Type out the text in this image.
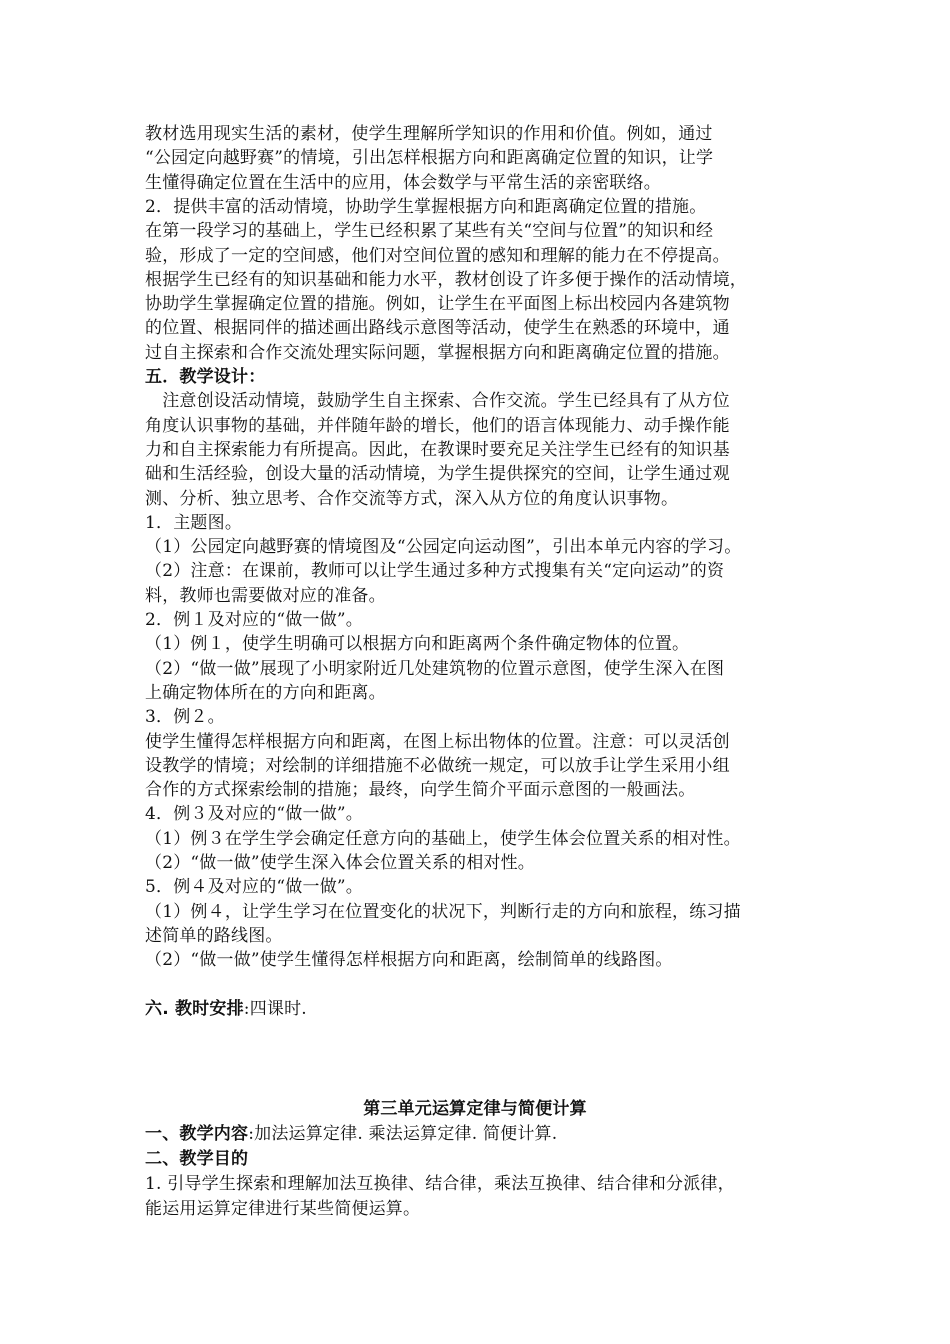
教材选用现实生活的素材，使学生理解所学知识的作用和价值。例如，通过
“公园定向越野赛”的情境，引出怎样根据方向和距离确定位置的知识，让学
生懂得确定位置在生活中的应用，体会数学与平常生活的亲密联络。
2．提供丰富的活动情境，协助学生掌握根据方向和距离确定位置的措施。
在第一段学习的基础上，学生已经积累了某些有关“空间与位置”的知识和经
验，形成了一定的空间感，他们对空间位置的感知和理解的能力在不停提高。
根据学生已经有的知识基础和能力水平，教材创设了许多便于操作的活动情境，
协助学生掌握确定位置的措施。例如，让学生在平面图上标出校园内各建筑物
的位置、根据同伴的描述画出路线示意图等活动，使学生在熟悉的环境中，通
过自主探索和合作交流处理实际问题，掌握根据方向和距离确定位置的措施。
五．教学设计：
　注意创设活动情境，鼓励学生自主探索、合作交流。学生已经具有了从方位
角度认识事物的基础，并伴随年龄的增长，他们的语言体现能力、动手操作能
力和自主探索能力有所提高。因此，在教课时要充足关注学生已经有的知识基
础和生活经验，创设大量的活动情境，为学生提供探究的空间，让学生通过观
测、分析、独立思考、合作交流等方式，深入从方位的角度认识事物。
1．主题图。
（1）公园定向越野赛的情境图及“公园定向运动图”，引出本单元内容的学习。
（2）注意：在课前，教师可以让学生通过多种方式搜集有关“定向运动”的资
料，教师也需要做对应的准备。
2．例１及对应的“做一做”。
（1）例１，使学生明确可以根据方向和距离两个条件确定物体的位置。
（2）“做一做”展现了小明家附近几处建筑物的位置示意图，使学生深入在图
上确定物体所在的方向和距离。
3．例２。
使学生懂得怎样根据方向和距离，在图上标出物体的位置。注意：可以灵活创
设教学的情境；对绘制的详细措施不必做统一规定，可以放手让学生采用小组
合作的方式探索绘制的措施；最终，向学生简介平面示意图的一般画法。
4．例３及对应的“做一做”。
（1）例３在学生学会确定任意方向的基础上，使学生体会位置关系的相对性。
（2）“做一做”使学生深入体会位置关系的相对性。
5．例４及对应的“做一做”。
（1）例４，让学生学习在位置变化的状况下，判断行走的方向和旅程，练习描
述简单的路线图。
（2）“做一做”使学生懂得怎样根据方向和距离，绘制简单的线路图。
六. 教时安排:四课时.
第三单元运算定律与简便计算
一、教学内容:加法运算定律. 乘法运算定律. 简便计算.
二、教学目的
1. 引导学生探索和理解加法互换律、结合律，乘法互换律、结合律和分派律，
能运用运算定律进行某些简便运算。
